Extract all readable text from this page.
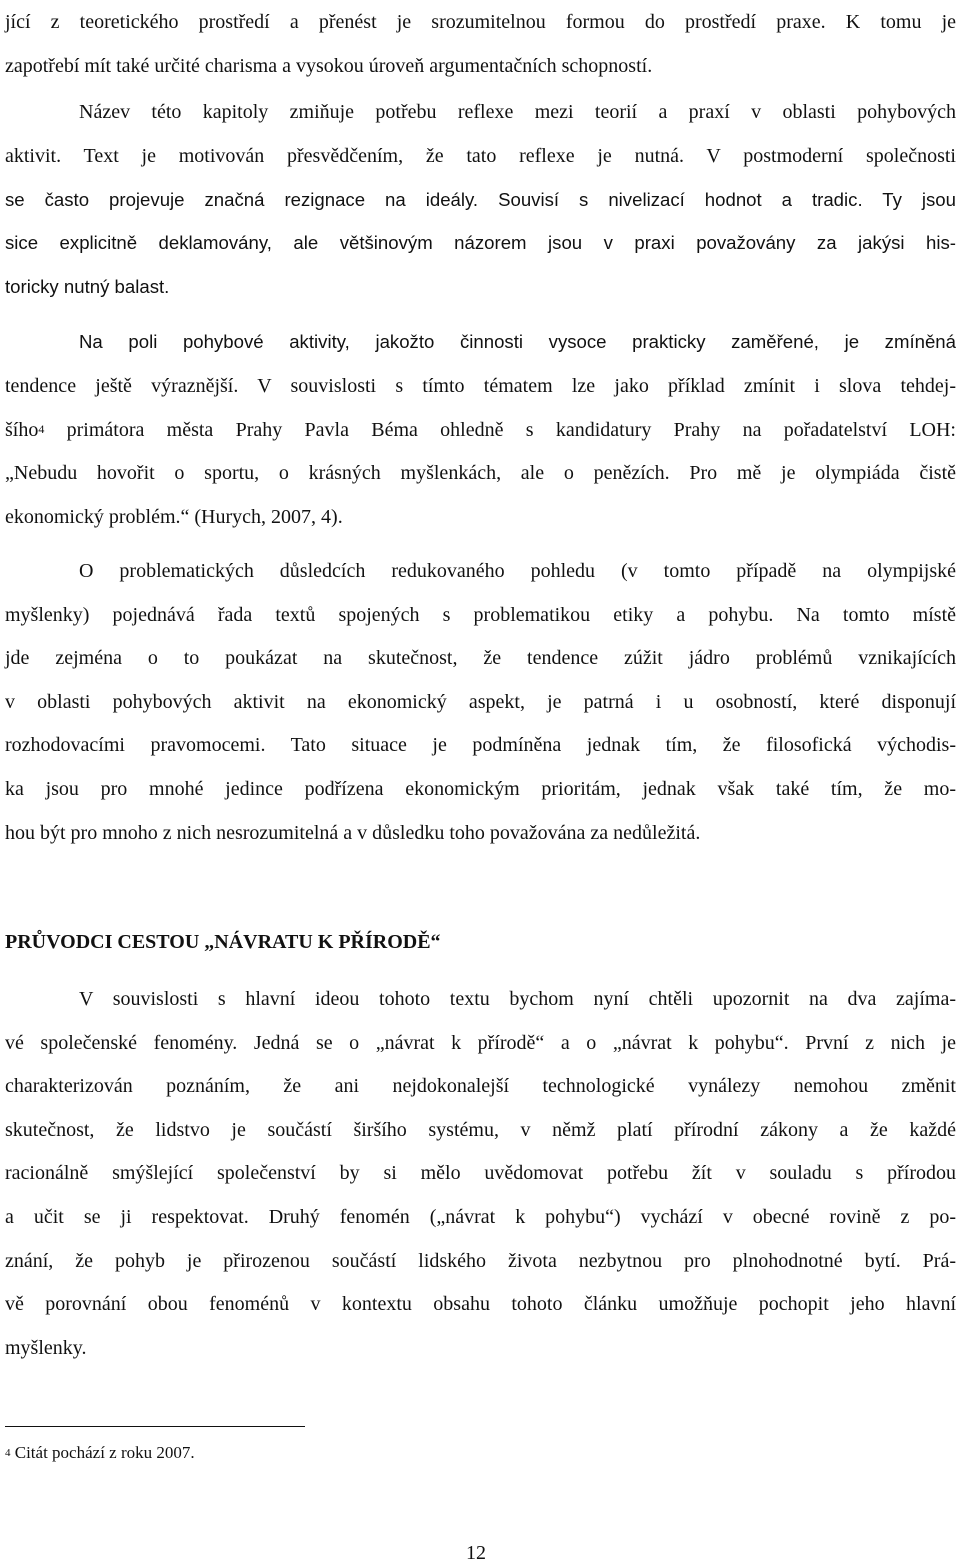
jící z teoretického prostředí a přenést je srozumitelnou formou do prostředí praxe. K tomu je
zapotřebí mít také určité charisma a vysokou úroveň argumentačních schopností.
Název této kapitoly zmiňuje potřebu reflexe mezi teorií a praxí v oblasti pohybových
aktivit. Text je motivován přesvědčením, že tato reflexe je nutná. V postmoderní společnosti
se často projevuje značná rezignace na ideály. Souvisí s nivelizací hodnot a tradic. Ty jsou
sice explicitně deklamovány, ale většinovým názorem jsou v praxi považovány za jakýsi his-
toricky nutný balast.
Na poli pohybové aktivity, jakožto činnosti vysoce prakticky zaměřené, je zmíněná
tendence ještě výraznější. V souvislosti s tímto tématem lze jako příklad zmínit i slova tehdej-
šího$^4$ primátora města Prahy Pavla Béma ohledně s kandidatury Prahy na pořadatelství LOH:
„Nebudu hovořit o sportu, o krásných myšlenkách, ale o penězích. Pro mě je olympiáda čistě
ekonomický problém.“ (Hurych, 2007, 4).
O problematických důsledcích redukovaného pohledu (v tomto případě na olympijské
myšlenky) pojednává řada textů spojených s problematikou etiky a pohybu. Na tomto místě
jde zejména o to poukázat na skutečnost, že tendence zúžit jádro problémů vznikajících
v oblasti pohybových aktivit na ekonomický aspekt, je patrná i u osobností, které disponují
rozhodovacími pravomocemi. Tato situace je podmíněna jednak tím, že filosofická východis-
ka jsou pro mnohé jedince podřízena ekonomickým prioritám, jednak však také tím, že mo-
hou být pro mnoho z nich nesrozumitelná a v důsledku toho považována za nedůležitá.
PRŮVODCI CESTOU „NÁVRATU K PŘÍRODĚ“
V souvislosti s hlavní ideou tohoto textu bychom nyní chtěli upozornit na dva zajíma-
vé společenské fenomény. Jedná se o „návrat k přírodě“ a o „návrat k pohybu“. První z nich je
charakterizován poznáním, že ani nejdokonalejší technologické vynálezy nemohou změnit
skutečnost, že lidstvo je součástí širšího systému, v němž platí přírodní zákony a že každé
racionálně smýšlející společenství by si mělo uvědomovat potřebu žít v souladu s přírodou
a učit se ji respektovat. Druhý fenomén („návrat k pohybu“) vychází v obecné rovině z po-
znání, že pohyb je přirozenou součástí lidského života nezbytnou pro plnohodnotné bytí. Prá-
vě porovnání obou fenoménů v kontextu obsahu tohoto článku umožňuje pochopit jeho hlavní
myšlenky.
$^4$ Citát pochází z roku 2007.
12
